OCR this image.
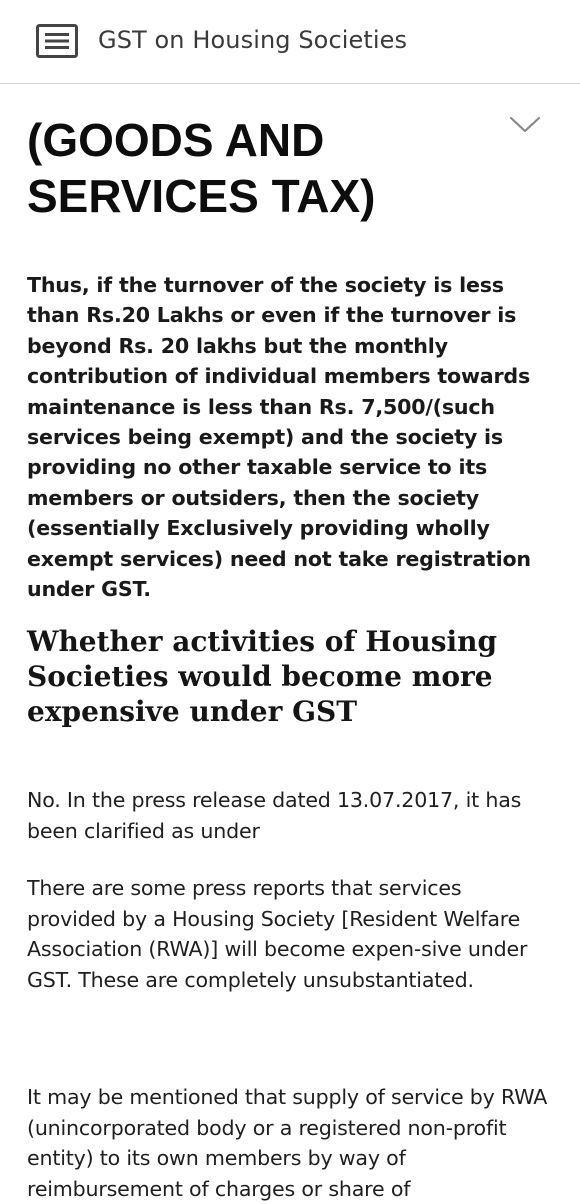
GST on Housing Societies
(GOODS AND SERVICES TAX)

Thus, if the turnover of the society is less than Rs.20 Lakhs or even if the turnover is beyond Rs. 20 lakhs but the monthly contribution of individual members towards maintenance is less than Rs. 7,500/(such services being exempt) and the society is providing no other taxable service to its members or outsiders, then the society (essentially Exclusively providing wholly exempt services) need not take registration under GST.

Whether activities of Housing Societies would become more expensive under GST

No. In the press release dated 13.07.2017, it has been clarified as under

There are some press reports that services provided by a Housing Society [Resident Welfare Association (RWA)] will become expen-sive under GST. These are completely unsubstantiated.

It may be mentioned that supply of service by RWA (unincorporated body or a registered non-profit entity) to its own members by way of reimbursement of charges or share of
